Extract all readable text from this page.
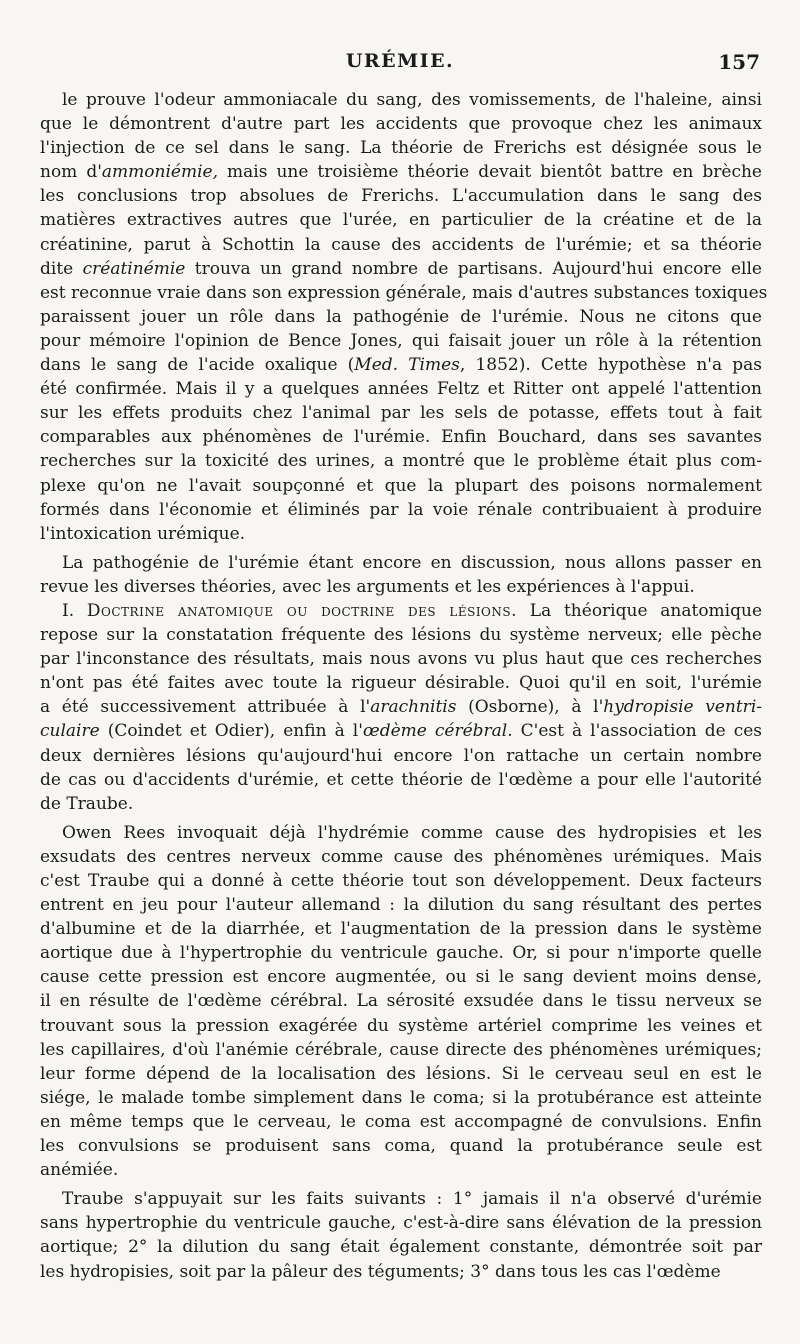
URÉMIE.	157
le prouve l'odeur ammoniacale du sang, des vomissements, de l'haleine, ainsi
que le démontrent d'autre part les accidents que provoque chez les animaux
l'injection de ce sel dans le sang. La théorie de Frerichs est désignée sous le
nom d'ammoniémie, mais une troisième théorie devait bientôt battre en brèche
les conclusions trop absolues de Frerichs. L'accumulation dans le sang des
matières extractives autres que l'urée, en particulier de la créatine et de la
créatinine, parut à Schottin la cause des accidents de l'urémie; et sa théorie
dite créatinémie trouva un grand nombre de partisans. Aujourd'hui encore elle
est reconnue vraie dans son expression générale, mais d'autres substances toxiques
paraissent jouer un rôle dans la pathogénie de l'urémie. Nous ne citons que
pour mémoire l'opinion de Bence Jones, qui faisait jouer un rôle à la rétention
dans le sang de l'acide oxalique (Med. Times, 1852). Cette hypothèse n'a pas
été confirmée. Mais il y a quelques années Feltz et Ritter ont appelé l'attention
sur les effets produits chez l'animal par les sels de potasse, effets tout à fait
comparables aux phénomènes de l'urémie. Enfin Bouchard, dans ses savantes
recherches sur la toxicité des urines, a montré que le problème était plus com-
plexe qu'on ne l'avait soupçonné et que la plupart des poisons normalement
formés dans l'économie et éliminés par la voie rénale contribuaient à produire
l'intoxication urémique.
La pathogénie de l'urémie étant encore en discussion, nous allons passer en
revue les diverses théories, avec les arguments et les expériences à l'appui.
I. Doctrine anatomique ou doctrine des lésions. La théorique anatomique
repose sur la constatation fréquente des lésions du système nerveux; elle pèche
par l'inconstance des résultats, mais nous avons vu plus haut que ces recherches
n'ont pas été faites avec toute la rigueur désirable. Quoi qu'il en soit, l'urémie
a été successivement attribuée à l'arachnitis (Osborne), à l'hydropisie ventri-
culaire (Coindet et Odier), enfin à l'œdème cérébral. C'est à l'association de ces
deux dernières lésions qu'aujourd'hui encore l'on rattache un certain nombre
de cas ou d'accidents d'urémie, et cette théorie de l'œdème a pour elle l'autorité
de Traube.
Owen Rees invoquait déjà l'hydrémie comme cause des hydropisies et les
exsudats des centres nerveux comme cause des phénomènes urémiques. Mais
c'est Traube qui a donné à cette théorie tout son développement. Deux facteurs
entrent en jeu pour l'auteur allemand : la dilution du sang résultant des pertes
d'albumine et de la diarrhée, et l'augmentation de la pression dans le système
aortique due à l'hypertrophie du ventricule gauche. Or, si pour n'importe quelle
cause cette pression est encore augmentée, ou si le sang devient moins dense,
il en résulte de l'œdème cérébral. La sérosité exsudée dans le tissu nerveux se
trouvant sous la pression exagérée du système artériel comprime les veines et
les capillaires, d'où l'anémie cérébrale, cause directe des phénomènes urémiques;
leur forme dépend de la localisation des lésions. Si le cerveau seul en est le
siége, le malade tombe simplement dans le coma; si la protubérance est atteinte
en même temps que le cerveau, le coma est accompagné de convulsions. Enfin
les convulsions se produisent sans coma, quand la protubérance seule est
anémiée.
Traube s'appuyait sur les faits suivants : 1° jamais il n'a observé d'urémie
sans hypertrophie du ventricule gauche, c'est-à-dire sans élévation de la pression
aortique; 2° la dilution du sang était également constante, démontrée soit par
les hydropisies, soit par la pâleur des téguments; 3° dans tous les cas l'œdème
